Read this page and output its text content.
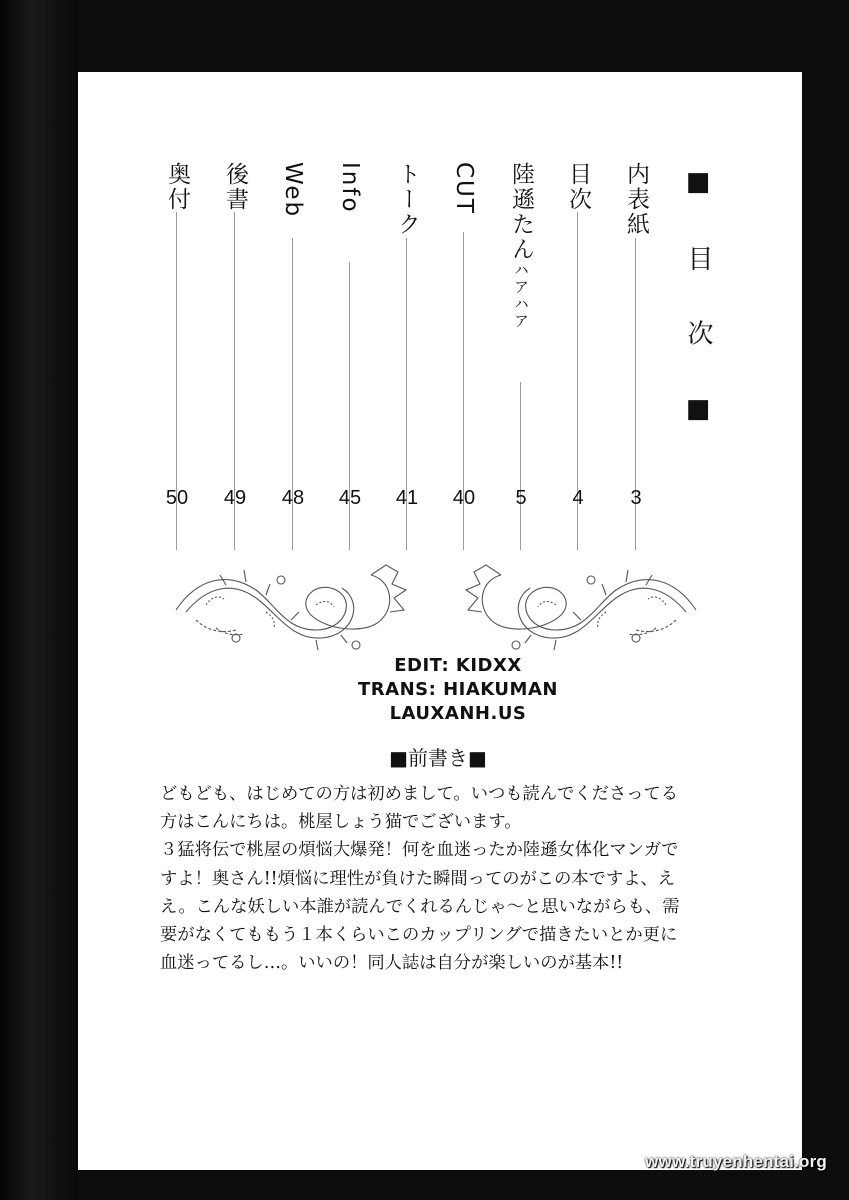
■ 目 次 ■
内表紙
3
目次
4
陸遜たんハアハア
5
CUT
40
トーク
41
Info
45
Web
48
後書
49
奥付
50
EDIT: KIDXX
TRANS: HIAKUMAN
LAUXANH.US
■前書き■

どもども、はじめての方は初めまして。いつも読んでくださってる

方はこんにちは。桃屋しょう猫でございます。

３猛将伝で桃屋の煩悩大爆発！何を血迷ったか陸遜女体化マンガで

すよ！奥さん!!煩悩に理性が負けた瞬間ってのがこの本ですよ、え

え。こんな妖しい本誰が読んでくれるんじゃ～と思いながらも、需

要がなくてももう１本くらいこのカップリングで描きたいとか更に

血迷ってるし…。いいの！同人誌は自分が楽しいのが基本!!

www.truyenhentai.org
